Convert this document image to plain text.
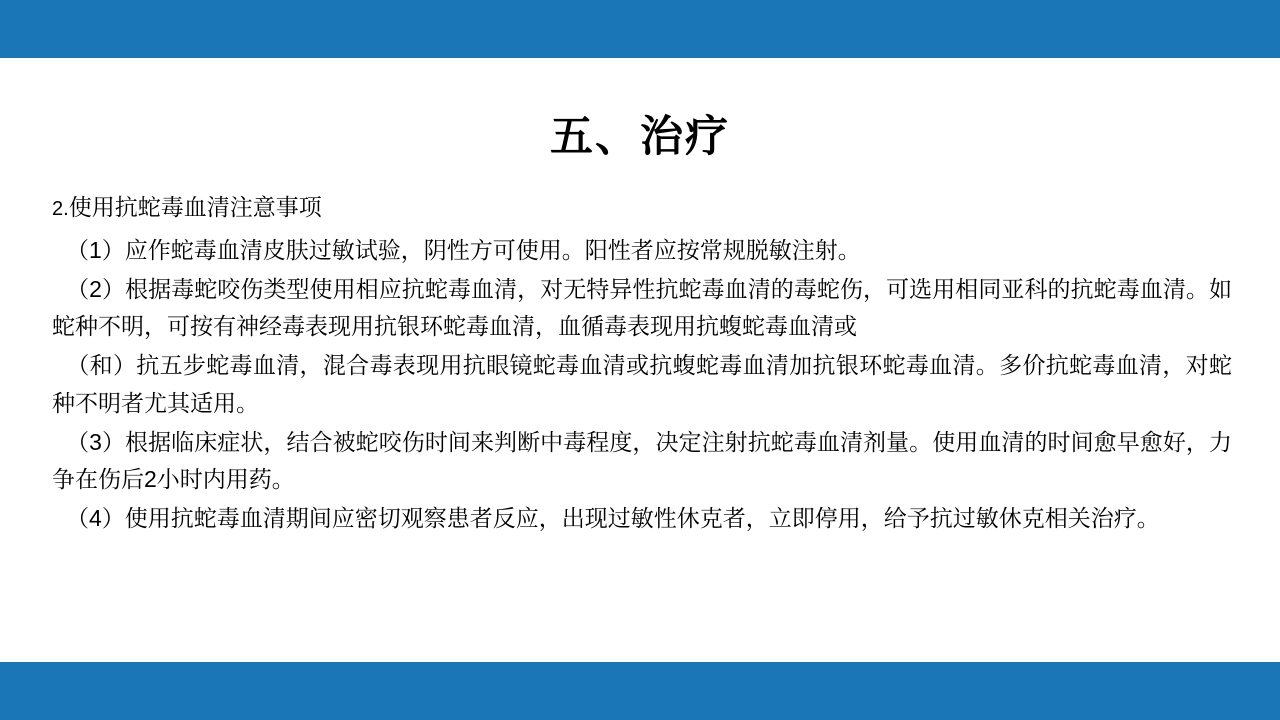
五、治疗
2.使用抗蛇毒血清注意事项

（1）应作蛇毒血清皮肤过敏试验，阴性方可使用。阳性者应按常规脱敏注射。

（2）根据毒蛇咬伤类型使用相应抗蛇毒血清，对无特异性抗蛇毒血清的毒蛇伤，可选用相同亚科的抗蛇毒血清。如蛇种不明，可按有神经毒表现用抗银环蛇毒血清，血循毒表现用抗蝮蛇毒血清或

（和）抗五步蛇毒血清，混合毒表现用抗眼镜蛇毒血清或抗蝮蛇毒血清加抗银环蛇毒血清。多价抗蛇毒血清，对蛇种不明者尤其适用。

（3）根据临床症状，结合被蛇咬伤时间来判断中毒程度，决定注射抗蛇毒血清剂量。使用血清的时间愈早愈好，力争在伤后2小时内用药。

（4）使用抗蛇毒血清期间应密切观察患者反应，出现过敏性休克者，立即停用，给予抗过敏休克相关治疗。
